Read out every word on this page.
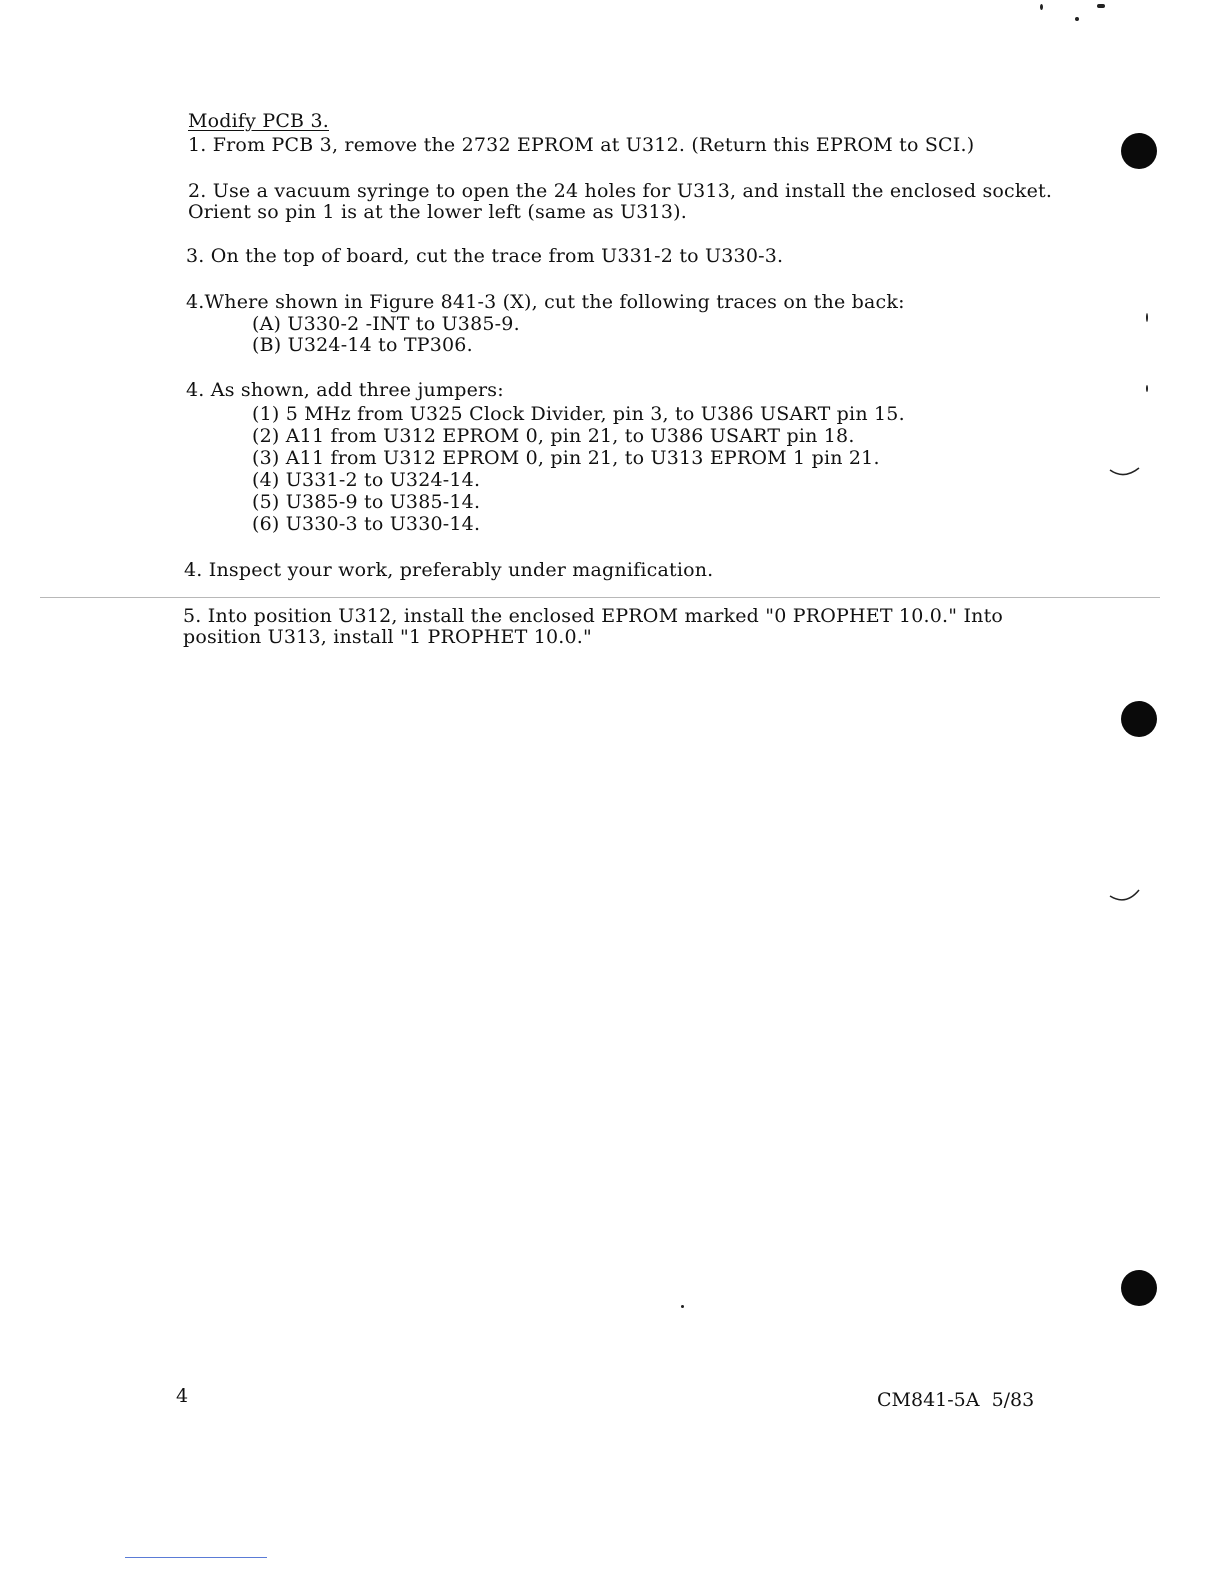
Modify PCB 3.
1. From PCB 3, remove the 2732 EPROM at U312. (Return this EPROM to SCI.)
2. Use a vacuum syringe to open the 24 holes for U313, and install the enclosed socket.
Orient so pin 1 is at the lower left (same as U313).
3. On the top of board, cut the trace from U331-2 to U330-3.
4.Where shown in Figure 841-3 (X), cut the following traces on the back:
(A) U330-2 -INT to U385-9.
(B) U324-14 to TP306.
4. As shown, add three jumpers:
(1) 5 MHz from U325 Clock Divider, pin 3, to U386 USART pin 15.
(2) A11 from U312 EPROM 0, pin 21, to U386 USART pin 18.
(3) A11 from U312 EPROM 0, pin 21, to U313 EPROM 1 pin 21.
(4) U331-2 to U324-14.
(5) U385-9 to U385-14.
(6) U330-3 to U330-14.
4. Inspect your work, preferably under magnification.
5. Into position U312, install the enclosed EPROM marked "0 PROPHET 10.0." Into
position U313, install "1 PROPHET 10.0."
4	CM841-5A  5/83
